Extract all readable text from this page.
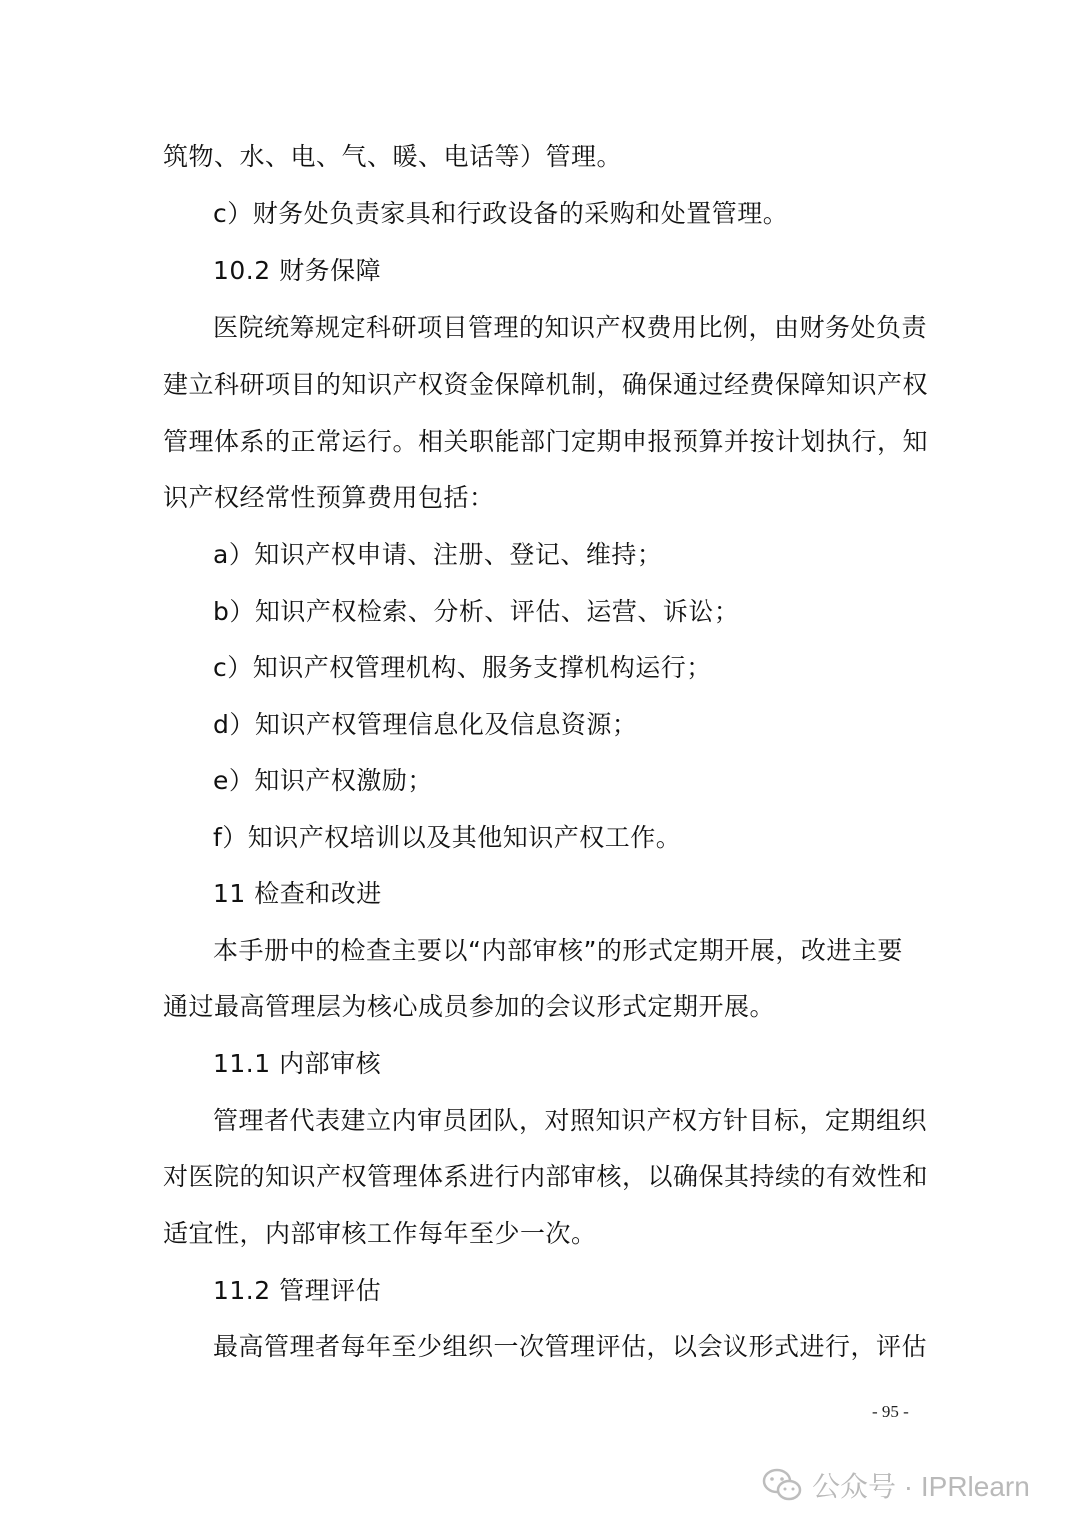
筑物、水、电、气、暖、电话等）管理。
c）财务处负责家具和行政设备的采购和处置管理。
10.2 财务保障
医院统筹规定科研项目管理的知识产权费用比例，由财务处负责
建立科研项目的知识产权资金保障机制，确保通过经费保障知识产权
管理体系的正常运行。相关职能部门定期申报预算并按计划执行，知
识产权经常性预算费用包括：
a）知识产权申请、注册、登记、维持；
b）知识产权检索、分析、评估、运营、诉讼；
c）知识产权管理机构、服务支撑机构运行；
d）知识产权管理信息化及信息资源；
e）知识产权激励；
f）知识产权培训以及其他知识产权工作。
11 检查和改进
本手册中的检查主要以“内部审核”的形式定期开展，改进主要
通过最高管理层为核心成员参加的会议形式定期开展。
11.1 内部审核
管理者代表建立内审员团队，对照知识产权方针目标，定期组织
对医院的知识产权管理体系进行内部审核，以确保其持续的有效性和
适宜性，内部审核工作每年至少一次。
11.2 管理评估
最高管理者每年至少组织一次管理评估，以会议形式进行，评估
- 95 -
公众号 · IPRlearn
